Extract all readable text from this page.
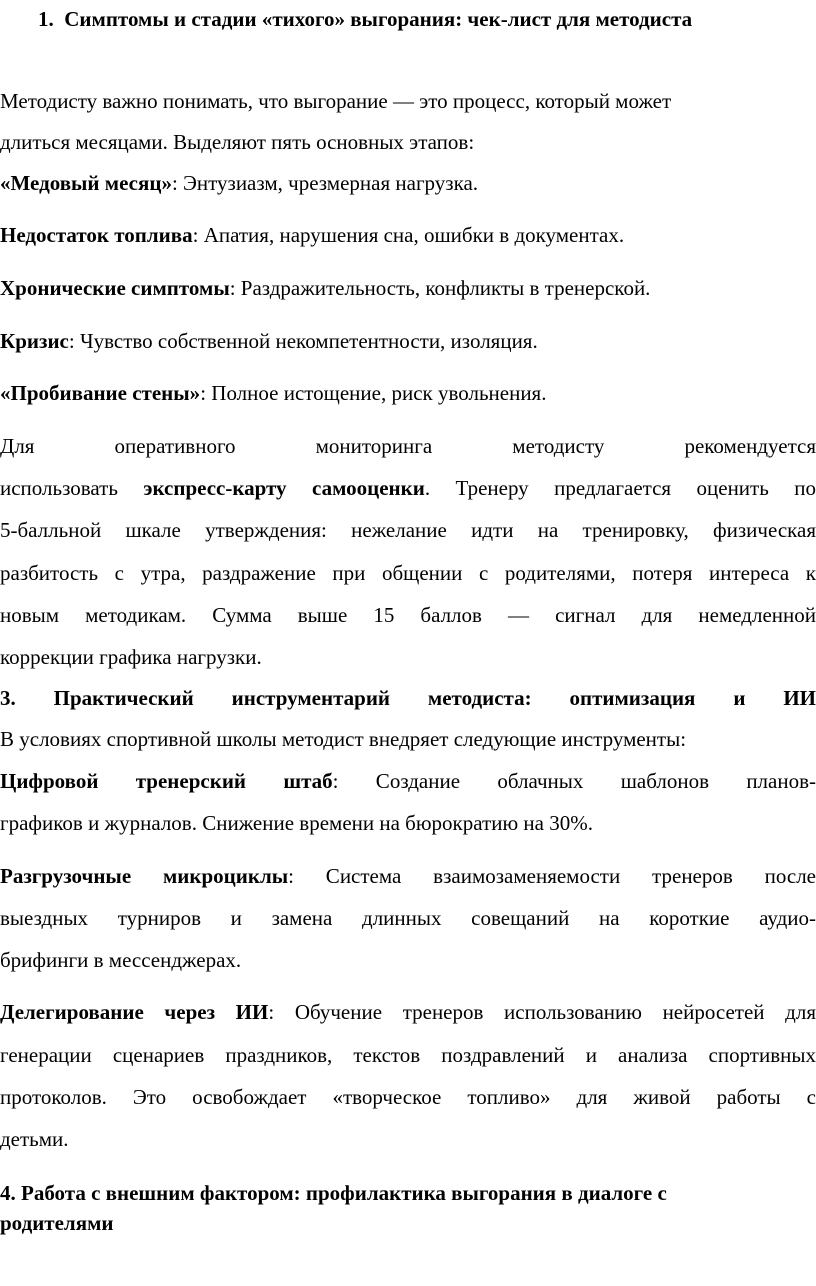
1. Симптомы и стадии «тихого» выгорания: чек-лист для методиста
Методисту важно понимать, что выгорание — это процесс, который может
длиться месяцами. Выделяют пять основных этапов:
«Медовый месяц»: Энтузиазм, чрезмерная нагрузка.
Недостаток топлива: Апатия, нарушения сна, ошибки в документах.
Хронические симптомы: Раздражительность, конфликты в тренерской.
Кризис: Чувство собственной некомпетентности, изоляция.
«Пробивание стены»: Полное истощение, риск увольнения.
Для оперативного мониторинга методисту рекомендуется
использовать экспресс-карту самооценки. Тренеру предлагается оценить по
5-балльной шкале утверждения: нежелание идти на тренировку, физическая
разбитость с утра, раздражение при общении с родителями, потеря интереса к
новым методикам. Сумма выше 15 баллов — сигнал для немедленной
коррекции графика нагрузки.
3. Практический инструментарий методиста: оптимизация и ИИ
В условиях спортивной школы методист внедряет следующие инструменты:
Цифровой тренерский штаб: Создание облачных шаблонов планов-
графиков и журналов. Снижение времени на бюрократию на 30%.
Разгрузочные микроциклы: Система взаимозаменяемости тренеров после
выездных турниров и замена длинных совещаний на короткие аудио-
брифинги в мессенджерах.
Делегирование через ИИ: Обучение тренеров использованию нейросетей для
генерации сценариев праздников, текстов поздравлений и анализа спортивных
протоколов. Это освобождает «творческое топливо» для живой работы с
детьми.
4. Работа с внешним фактором: профилактика выгорания в диалоге с
родителями
